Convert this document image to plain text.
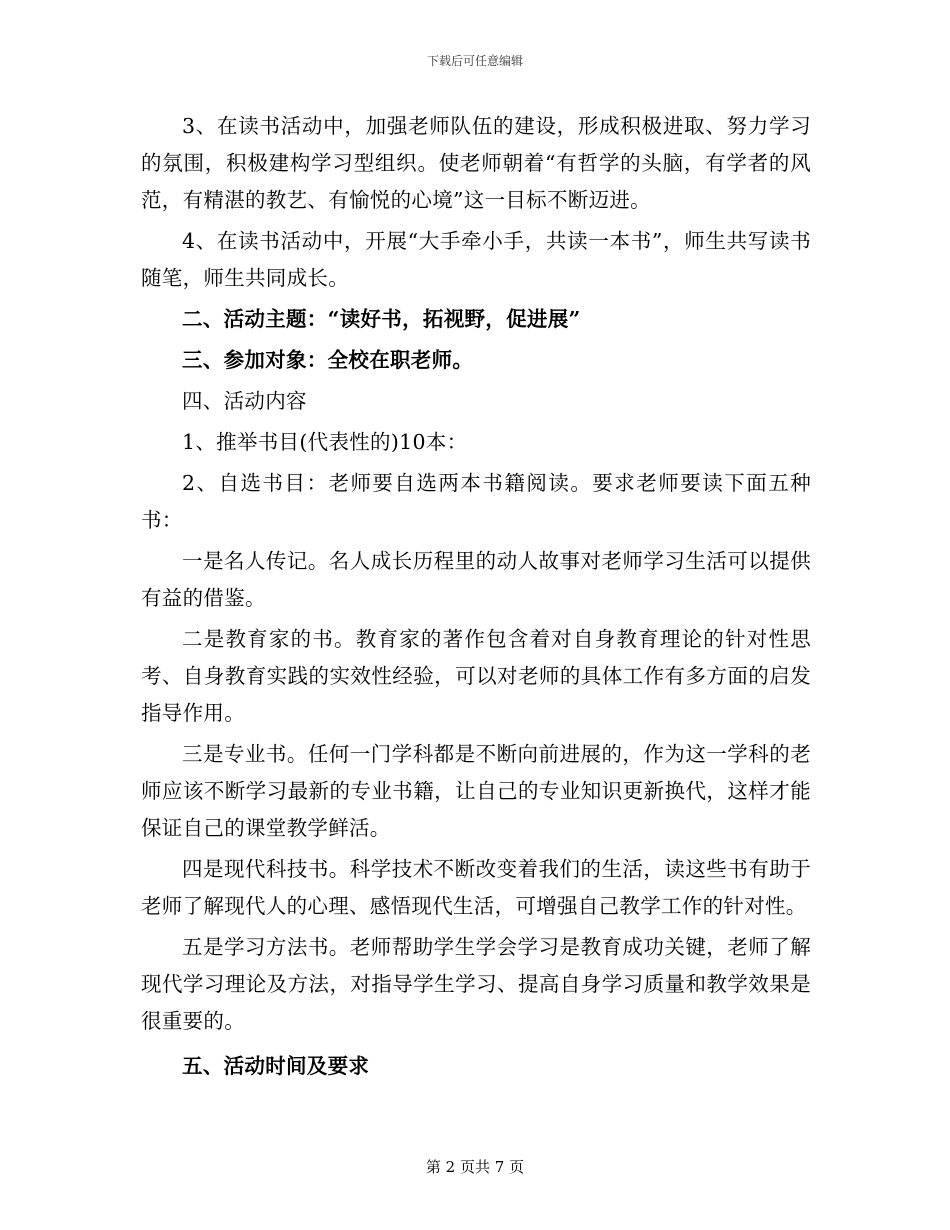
下载后可任意编辑

3、在读书活动中，加强老师队伍的建设，形成积极进取、努力学习的氛围，积极建构学习型组织。使老师朝着“有哲学的头脑，有学者的风范，有精湛的教艺、有愉悦的心境”这一目标不断迈进。

4、在读书活动中，开展“大手牵小手，共读一本书”，师生共写读书随笔，师生共同成长。

二、活动主题：“读好书，拓视野，促进展”

三、参加对象：全校在职老师。

四、活动内容

1、推举书目(代表性的)10本：

2、自选书目：老师要自选两本书籍阅读。要求老师要读下面五种书：

一是名人传记。名人成长历程里的动人故事对老师学习生活可以提供有益的借鉴。

二是教育家的书。教育家的著作包含着对自身教育理论的针对性思考、自身教育实践的实效性经验，可以对老师的具体工作有多方面的启发指导作用。

三是专业书。任何一门学科都是不断向前进展的，作为这一学科的老师应该不断学习最新的专业书籍，让自己的专业知识更新换代，这样才能保证自己的课堂教学鲜活。

四是现代科技书。科学技术不断改变着我们的生活，读这些书有助于老师了解现代人的心理、感悟现代生活，可增强自己教学工作的针对性。

五是学习方法书。老师帮助学生学会学习是教育成功关键，老师了解现代学习理论及方法，对指导学生学习、提高自身学习质量和教学效果是很重要的。

五、活动时间及要求

第 2 页共 7 页
